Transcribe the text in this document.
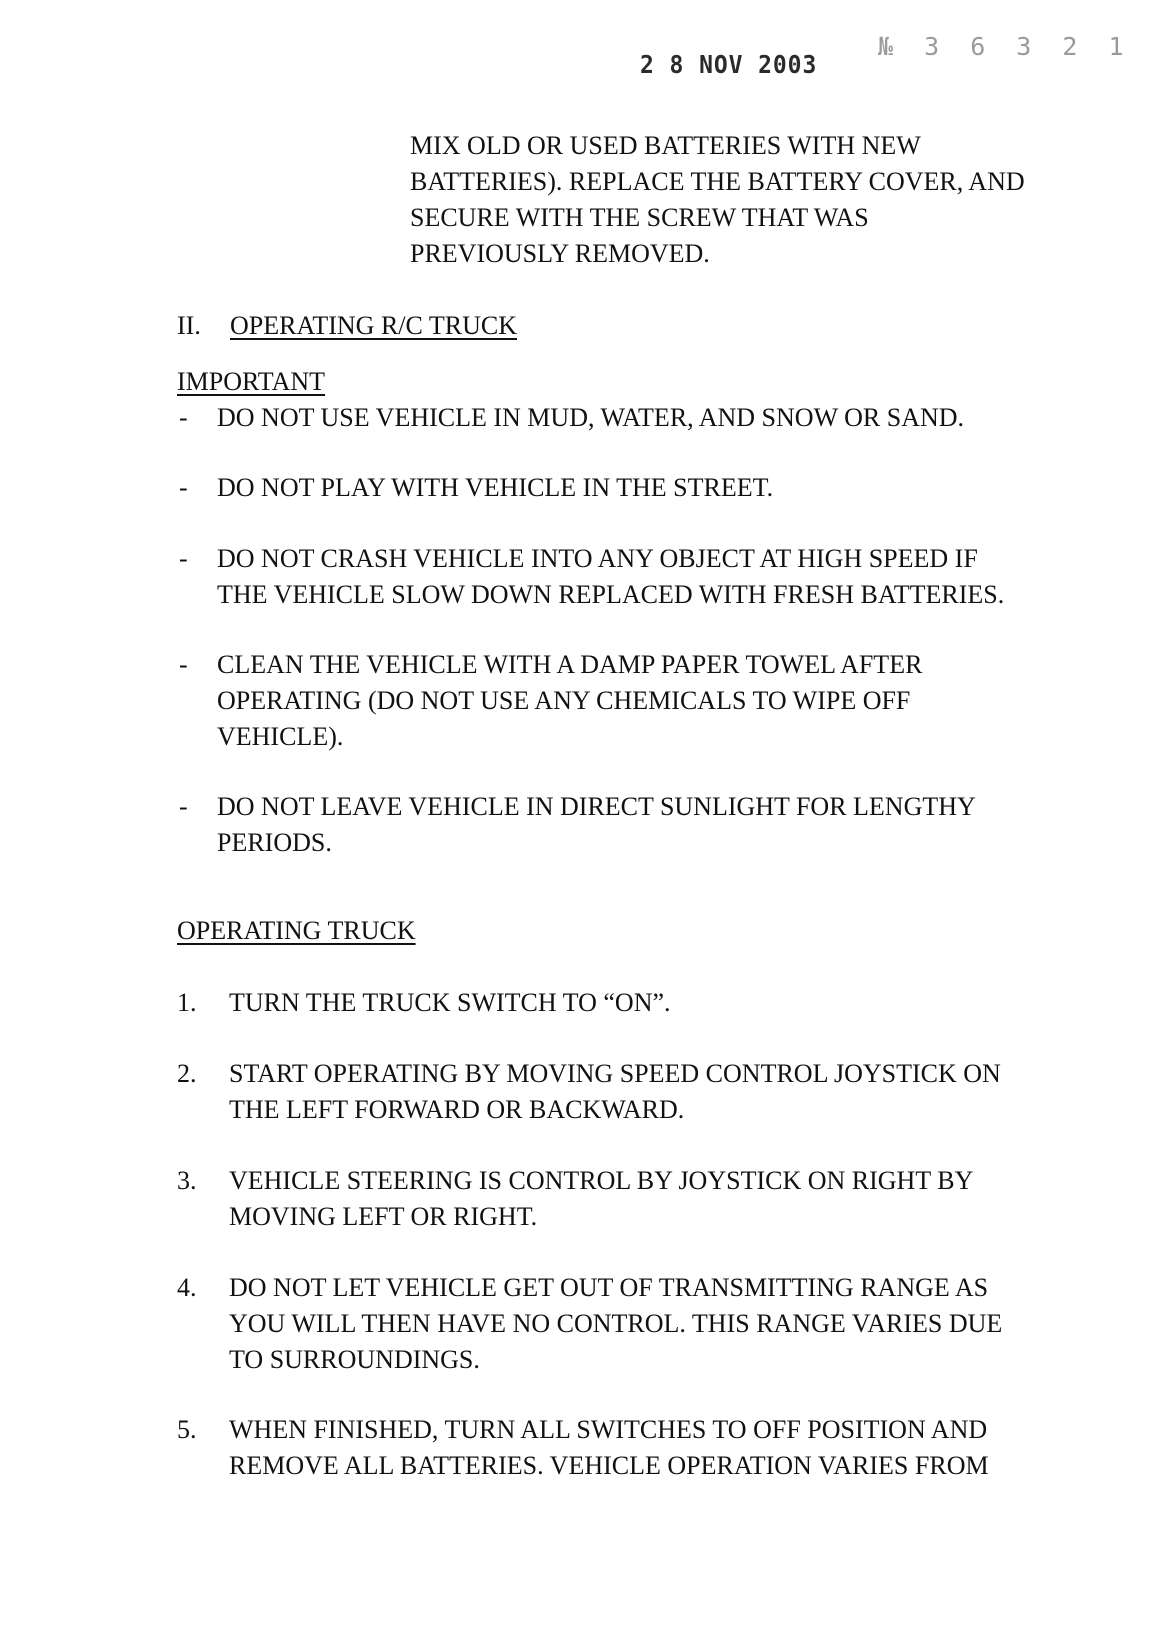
2 8 NOV 2003
№ 3 6 3 2 1
MIX OLD OR USED BATTERIES WITH NEW
BATTERIES). REPLACE THE BATTERY COVER, AND
SECURE WITH THE SCREW THAT WAS
PREVIOUSLY REMOVED.
II. OPERATING R/C TRUCK
IMPORTANT
-	DO NOT USE VEHICLE IN MUD, WATER, AND SNOW OR SAND.
-	DO NOT PLAY WITH VEHICLE IN THE STREET.
-	DO NOT CRASH VEHICLE INTO ANY OBJECT AT HIGH SPEED IF
THE VEHICLE SLOW DOWN REPLACED WITH FRESH BATTERIES.
-	CLEAN THE VEHICLE WITH A DAMP PAPER TOWEL AFTER
OPERATING (DO NOT USE ANY CHEMICALS TO WIPE OFF
VEHICLE).
-	DO NOT LEAVE VEHICLE IN DIRECT SUNLIGHT FOR LENGTHY
PERIODS.
OPERATING TRUCK
1.	TURN THE TRUCK SWITCH TO “ON”.
2.	START OPERATING BY MOVING SPEED CONTROL JOYSTICK ON
THE LEFT FORWARD OR BACKWARD.
3.	VEHICLE STEERING IS CONTROL BY JOYSTICK ON RIGHT BY
MOVING LEFT OR RIGHT.
4.	DO NOT LET VEHICLE GET OUT OF TRANSMITTING RANGE AS
YOU WILL THEN HAVE NO CONTROL. THIS RANGE VARIES DUE
TO SURROUNDINGS.
5.	WHEN FINISHED, TURN ALL SWITCHES TO OFF POSITION AND
REMOVE ALL BATTERIES. VEHICLE OPERATION VARIES FROM
